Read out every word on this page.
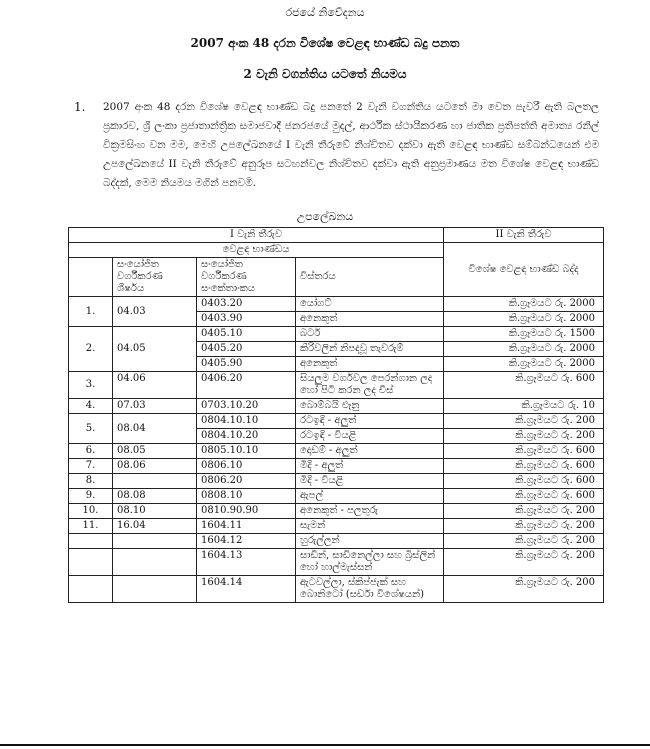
රජයේ නිවේදනය
2007 අංක 48 දරන විශේෂ වෙළඳ භාණ්ඩ බදු පනත
2 වැනි වගන්තිය යටතේ නියමය
1. 2007 අංක 48 දරන විශේෂ වෙළඳ භාණ්ඩ බදු පනතේ 2 වැනි වගන්තිය යටතේ මා වෙත පැවරී ඇති බලතල ප්‍රකාරව, ශ්‍රී ලංකා ප්‍රජාතාන්ත්‍රික සමාජවාදී ජනරජයේ මුදල්, ආර්ථික ස්ථායීකරණ හා ජාතික ප්‍රතිපත්ති අමාත්‍ය රනිල් වික්‍රමසිංහ වන මම, මෙහි උපලේඛනයේ I වැනි තීරුවේ නිශ්චිතව දක්වා ඇති වෙළඳ භාණ්ඩ සම්බන්ධයෙන් එම උපලේඛනයේ II වැනි තීරුවේ අනුරූප සටහන්වල නිශ්චිතව දක්වා ඇති අනුප්‍රමාණය මත විශේෂ වෙළඳ භාණ්ඩ බද්දක්, මෙම නියමය මගින් පනවමි.
උපලේඛනය
I වැනි තීරුව				II වැනි තීරුව
වෙළඳ භාණ්ඩය				විශේෂ වෙළඳ භාණ්ඩ බද්ද
	සංයෝජිත වර්ගීකරණ ශීර්ෂය	සංයෝජිත වර්ගීකරණ සංකේතාංකය	විස්තරය	
1.	04.03	0403.20	යෝගට්	කි.ග්‍රෑමයට රු. 2000
		0403.90	අනෙකුත්	කි.ග්‍රෑමයට රු. 2000
2.	04.05	0405.10	බටර්	කි.ග්‍රෑමයට රු. 1500
		0405.20	කිරිවලින් නිපදවූ තැවරුම්	කි.ග්‍රෑමයට රු. 2000
		0405.90	අනෙකුත්	කි.ග්‍රෑමයට රු. 2000
3.	04.06	0406.20	සියලුම වර්ගවල පෙරන්ගාන ලද හෝ පිටි කරන ලද චීස්	කි.ග්‍රෑමයට රු. 600
4.	07.03	0703.10.20	බොම්බයි ළූනු	කි.ග්‍රෑමයට රු. 10
5.	08.04	0804.10.10	රටඉඳි - අලුත්	කි.ග්‍රෑමයට රු. 200
		0804.10.20	රටඉඳි - වියළි	කි.ග්‍රෑමයට රු. 200
6.	08.05	0805.10.10	දොඩම් - අලුත්	කි.ග්‍රෑමයට රු. 600
7.	08.06	0806.10	මිදි - අලුත්	කි.ග්‍රෑමයට රු. 600
8.		0806.20	මිදි - වියළි	කි.ග්‍රෑමයට රු. 600
9.	08.08	0808.10	ඇපල්	කි.ග්‍රෑමයට රු. 600
10.	08.10	0810.90.90	අනෙකුත් - පලතුරු	කි.ග්‍රෑමයට රු. 200
11.	16.04	1604.11	සැමන්	කි.ග්‍රෑමයට රු. 200
		1604.12	හුරුල්ලන්	කි.ග්‍රෑමයට රු. 200
		1604.13	සාඩින්, සාඩිනෙල්ලා සහ බ්‍රිස්ලින් හෝ හාල්මැස්සන්	කි.ග්‍රෑමයට රු. 200
		1604.14	ඇටවල්ලා, ස්කිප්ජැක් සහ බොනිටෝ (සර්ඩා විශේෂයන්)	කි.ග්‍රෑමයට රු. 200
